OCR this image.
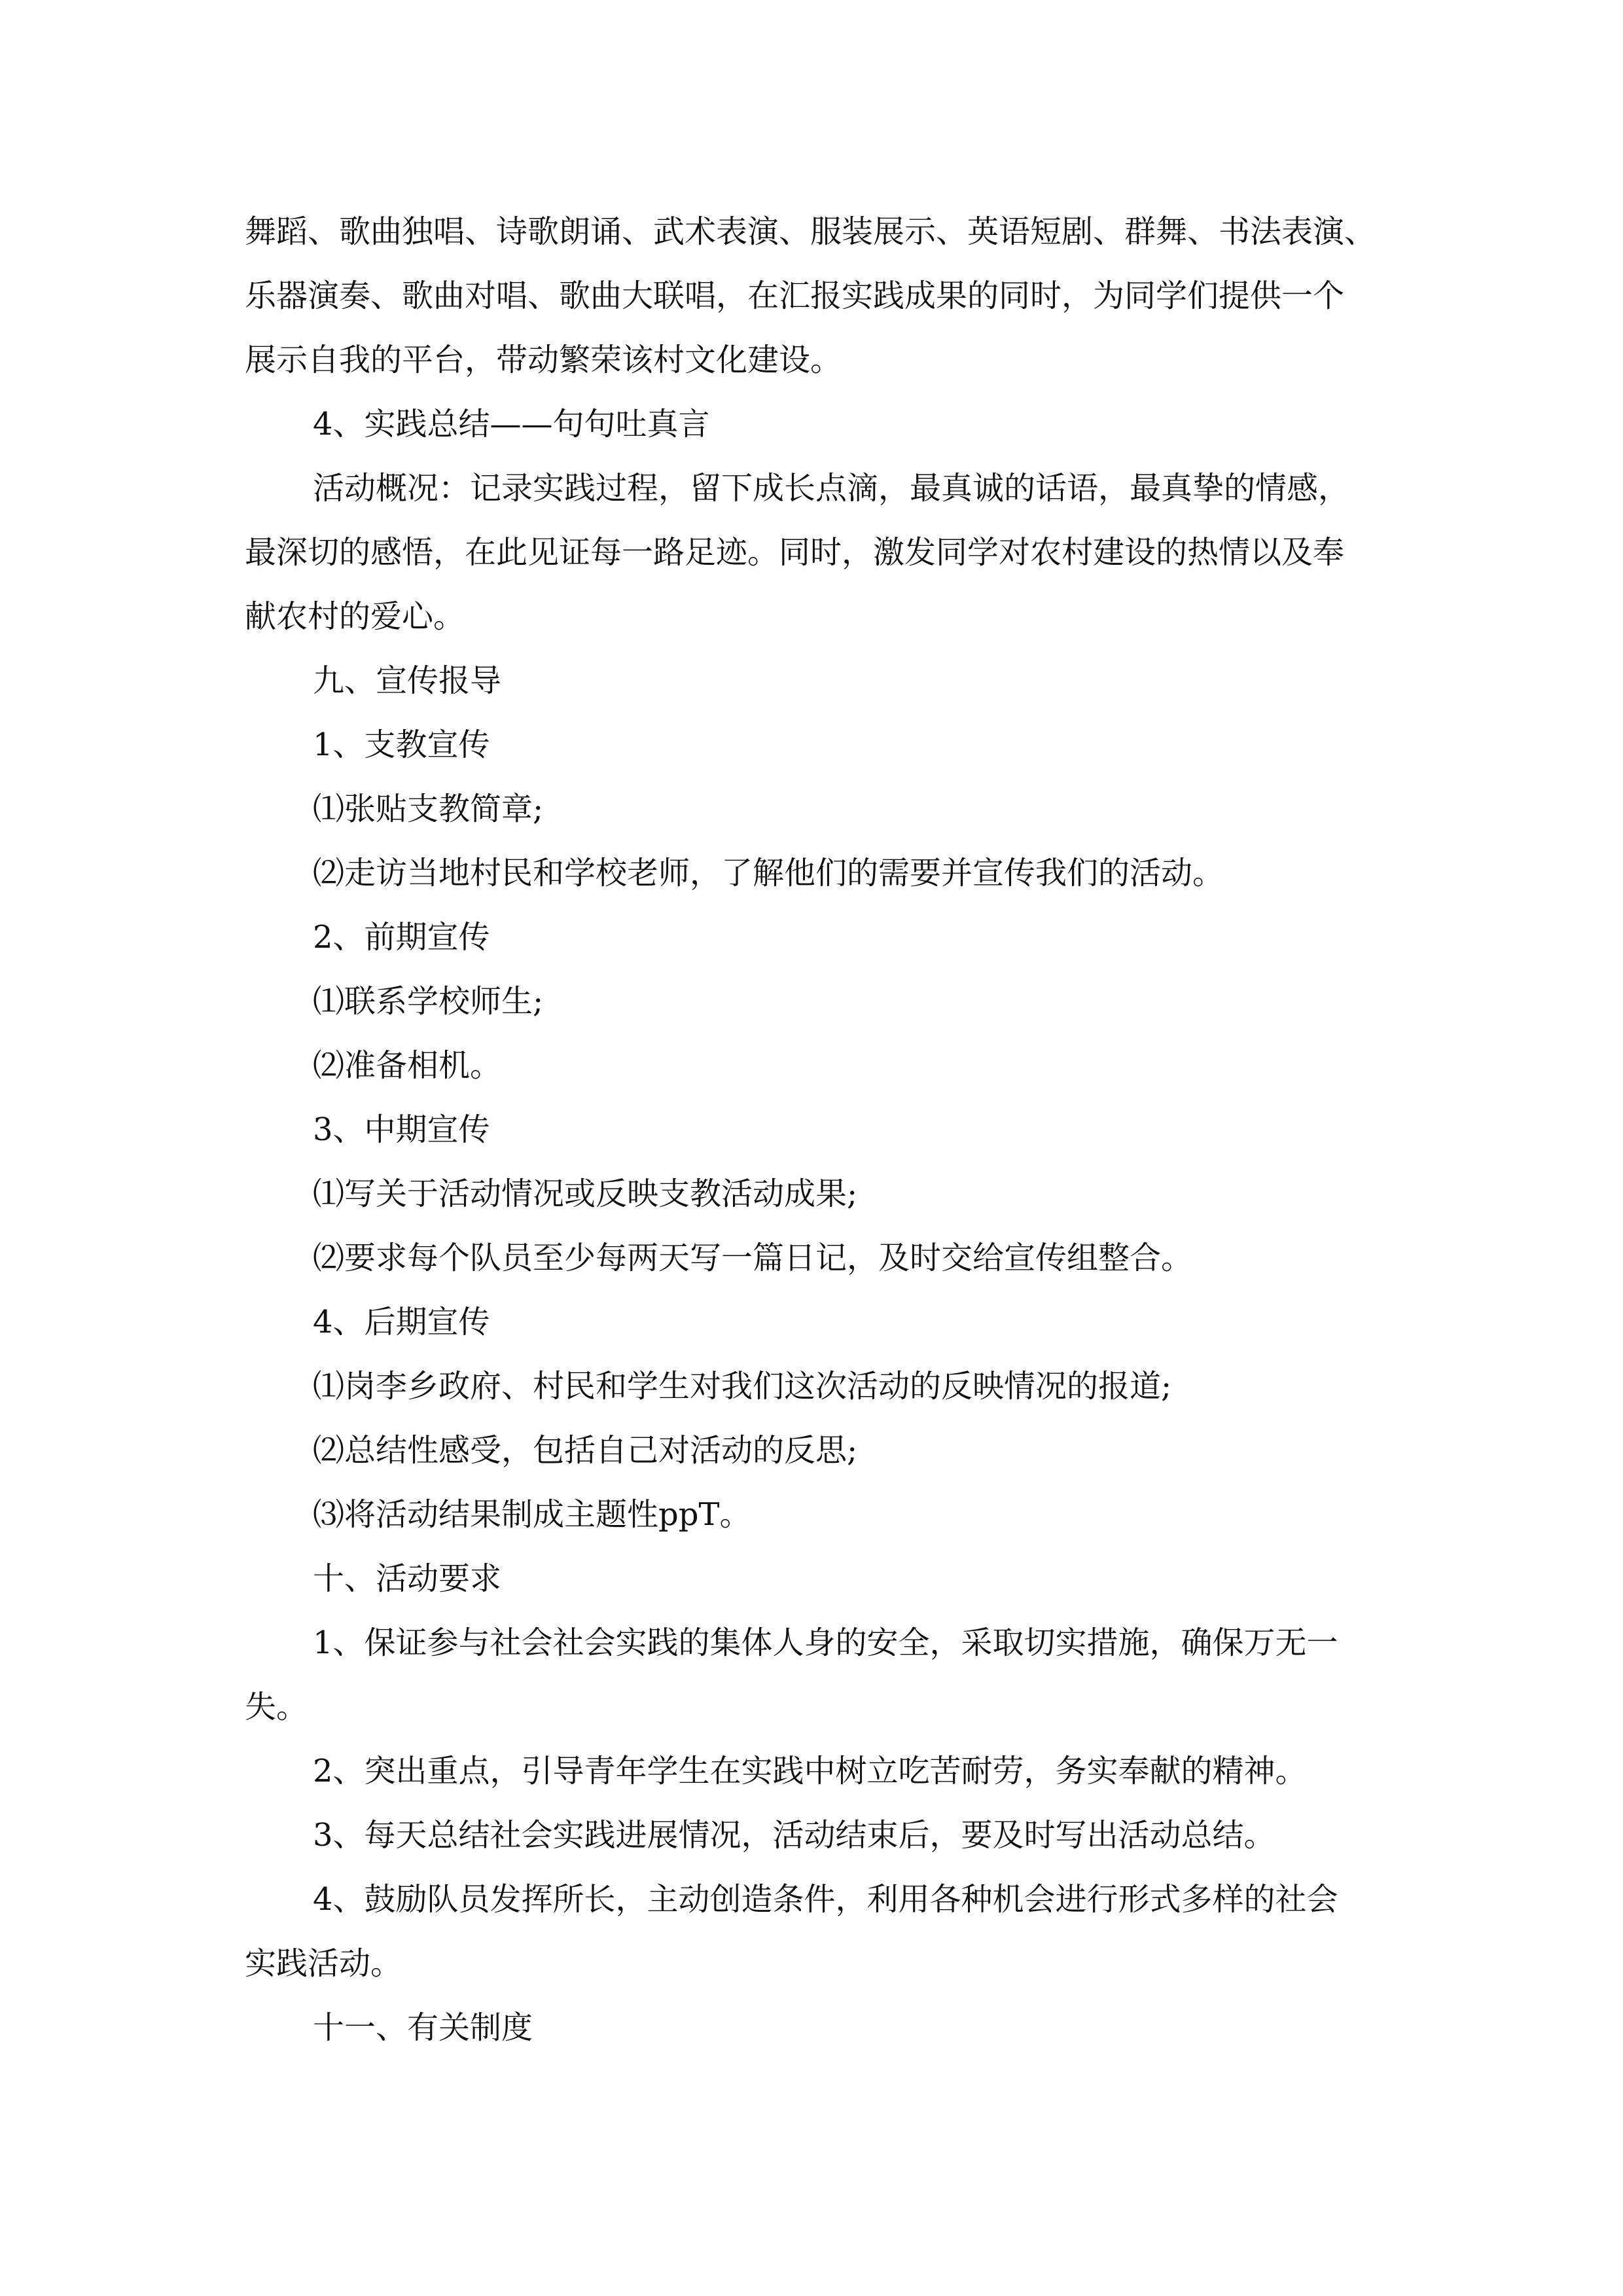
舞蹈、歌曲独唱、诗歌朗诵、武术表演、服装展示、英语短剧、群舞、书法表演、
乐器演奏、歌曲对唱、歌曲大联唱，在汇报实践成果的同时，为同学们提供一个
展示自我的平台，带动繁荣该村文化建设。
4、实践总结——句句吐真言
活动概况：记录实践过程，留下成长点滴，最真诚的话语，最真挚的情感，
最深切的感悟，在此见证每一路足迹。同时，激发同学对农村建设的热情以及奉
献农村的爱心。
九、宣传报导
1、支教宣传
⑴张贴支教简章;
⑵走访当地村民和学校老师，了解他们的需要并宣传我们的活动。
2、前期宣传
⑴联系学校师生;
⑵准备相机。
3、中期宣传
⑴写关于活动情况或反映支教活动成果;
⑵要求每个队员至少每两天写一篇日记，及时交给宣传组整合。
4、后期宣传
⑴岗李乡政府、村民和学生对我们这次活动的反映情况的报道;
⑵总结性感受，包括自己对活动的反思;
⑶将活动结果制成主题性ppT。
十、活动要求
1、保证参与社会社会实践的集体人身的安全，采取切实措施，确保万无一
失。
2、突出重点，引导青年学生在实践中树立吃苦耐劳，务实奉献的精神。
3、每天总结社会实践进展情况，活动结束后，要及时写出活动总结。
4、鼓励队员发挥所长，主动创造条件，利用各种机会进行形式多样的社会
实践活动。
十一、有关制度
